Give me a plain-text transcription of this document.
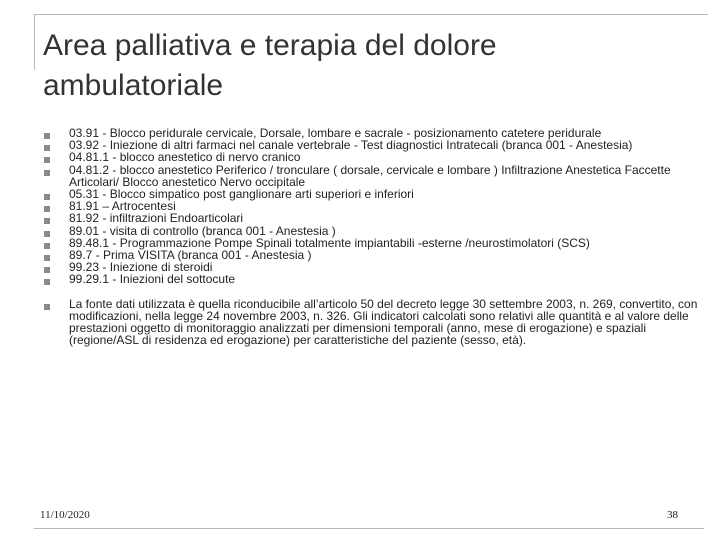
Area palliativa e terapia del dolore ambulatoriale
03.91 - Blocco peridurale cervicale, Dorsale, lombare e sacrale - posizionamento catetere peridurale
03.92 - Iniezione di altri farmaci nel canale vertebrale - Test diagnostici Intratecali (branca 001 - Anestesia)
04.81.1 - blocco anestetico di nervo cranico
04.81.2 - blocco anestetico Periferico / tronculare ( dorsale, cervicale e lombare ) Infiltrazione Anestetica Faccette Articolari/ Blocco anestetico Nervo occipitale
05.31 - Blocco simpatico post ganglionare arti superiori e inferiori
81.91 – Artrocentesi
81.92 - infiltrazioni Endoarticolari
89.01 - visita di controllo (branca 001 - Anestesia )
89.48.1 - Programmazione Pompe Spinali totalmente impiantabili -esterne /neurostimolatori (SCS)
89.7 - Prima VISITA (branca 001 - Anestesia )
99.23 - Iniezione di steroidi
99.29.1 - Iniezioni del sottocute
La fonte dati utilizzata è quella riconducibile all’articolo 50 del decreto legge 30 settembre 2003, n. 269, convertito, con modificazioni, nella legge 24 novembre 2003, n. 326. Gli indicatori calcolati sono relativi alle quantità e al valore delle prestazioni oggetto di monitoraggio analizzati per dimensioni temporali (anno, mese di erogazione) e spaziali (regione/ASL di residenza ed erogazione) per caratteristiche del paziente (sesso, età).
11/10/2020	38
